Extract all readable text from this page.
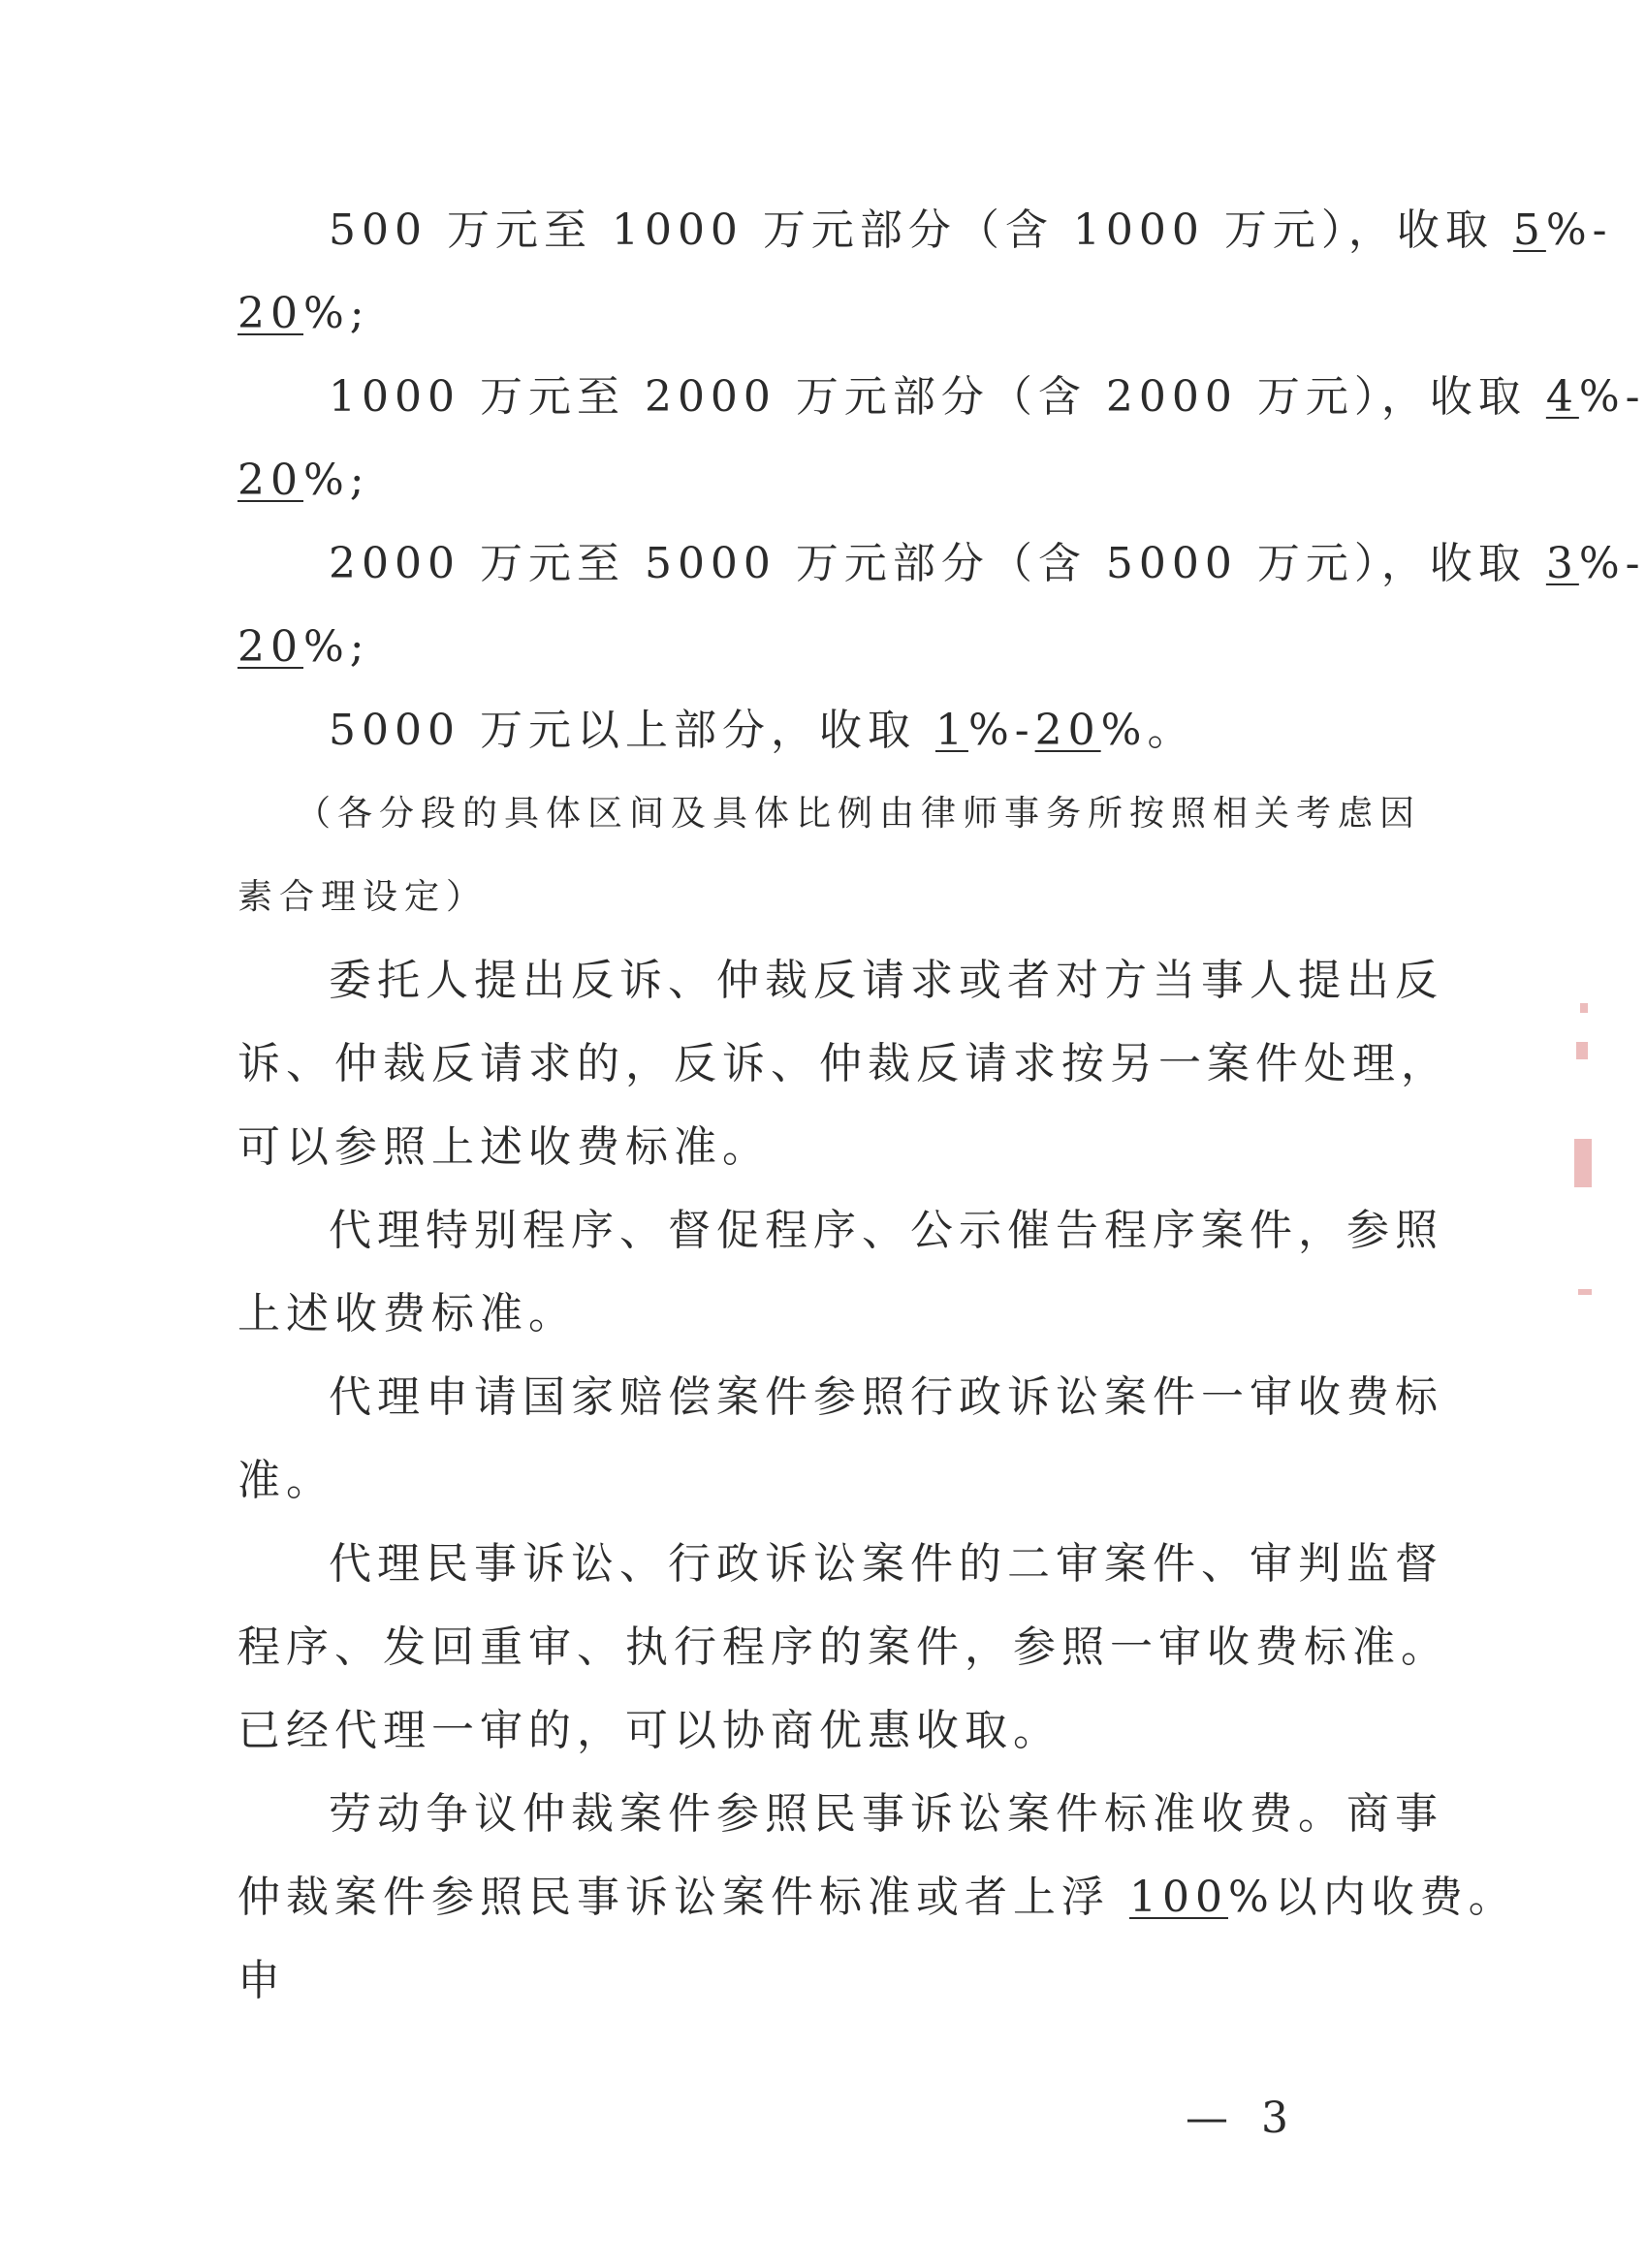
500 万元至 1000 万元部分（含 1000 万元），收取 5%-

20%;

1000 万元至 2000 万元部分（含 2000 万元），收取 4%-

20%;

2000 万元至 5000 万元部分（含 5000 万元），收取 3%-

20%;

5000 万元以上部分，收取 1%-20%。

（各分段的具体区间及具体比例由律师事务所按照相关考虑因

素合理设定）

委托人提出反诉、仲裁反请求或者对方当事人提出反

诉、仲裁反请求的，反诉、仲裁反请求按另一案件处理，

可以参照上述收费标准。

代理特别程序、督促程序、公示催告程序案件，参照

上述收费标准。

代理申请国家赔偿案件参照行政诉讼案件一审收费标

准。

代理民事诉讼、行政诉讼案件的二审案件、审判监督

程序、发回重审、执行程序的案件，参照一审收费标准。

已经代理一审的，可以协商优惠收取。

劳动争议仲裁案件参照民事诉讼案件标准收费。商事

仲裁案件参照民事诉讼案件标准或者上浮 100%以内收费。

申

— 3
